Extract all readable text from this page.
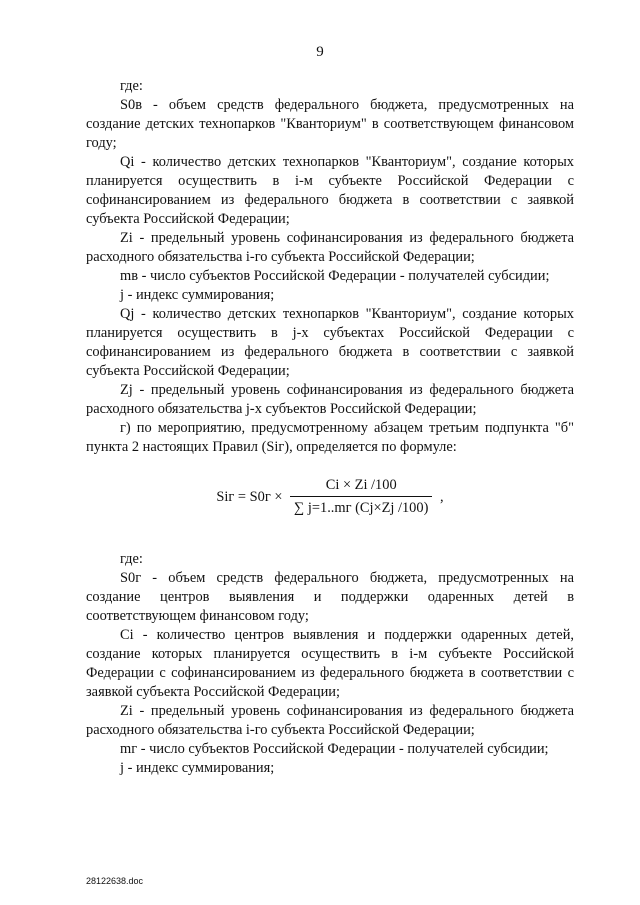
9

где:

S0в - объем средств федерального бюджета, предусмотренных на создание детских технопарков "Кванториум" в соответствующем финансовом году;

Qi - количество детских технопарков "Кванториум", создание которых планируется осуществить в i-м субъекте Российской Федерации с софинансированием из федерального бюджета в соответствии с заявкой субъекта Российской Федерации;

Zi - предельный уровень софинансирования из федерального бюджета расходного обязательства i-го субъекта Российской Федерации;

mв - число субъектов Российской Федерации - получателей субсидии;

j - индекс суммирования;

Qj - количество детских технопарков "Кванториум", создание которых планируется осуществить в j-х субъектах Российской Федерации с софинансированием из федерального бюджета в соответствии с заявкой субъекта Российской Федерации;

Zj - предельный уровень софинансирования из федерального бюджета расходного обязательства j-х субъектов Российской Федерации;

г) по мероприятию, предусмотренному абзацем третьим подпункта "б" пункта 2 настоящих Правил (Siг), определяется по формуле:

Siг = $S0г \times \frac{Ci \times Zi /100}{\sum j=1..mг (Cj\times Zj /100)}$ ,

где:

S0г - объем средств федерального бюджета, предусмотренных на создание центров выявления и поддержки одаренных детей в соответствующем финансовом году;

Ci - количество центров выявления и поддержки одаренных детей, создание которых планируется осуществить в i-м субъекте Российской Федерации с софинансированием из федерального бюджета в соответствии с заявкой субъекта Российской Федерации;

Zi - предельный уровень софинансирования из федерального бюджета расходного обязательства i-го субъекта Российской Федерации;

mг - число субъектов Российской Федерации - получателей субсидии;

j - индекс суммирования;

28122638.doc
